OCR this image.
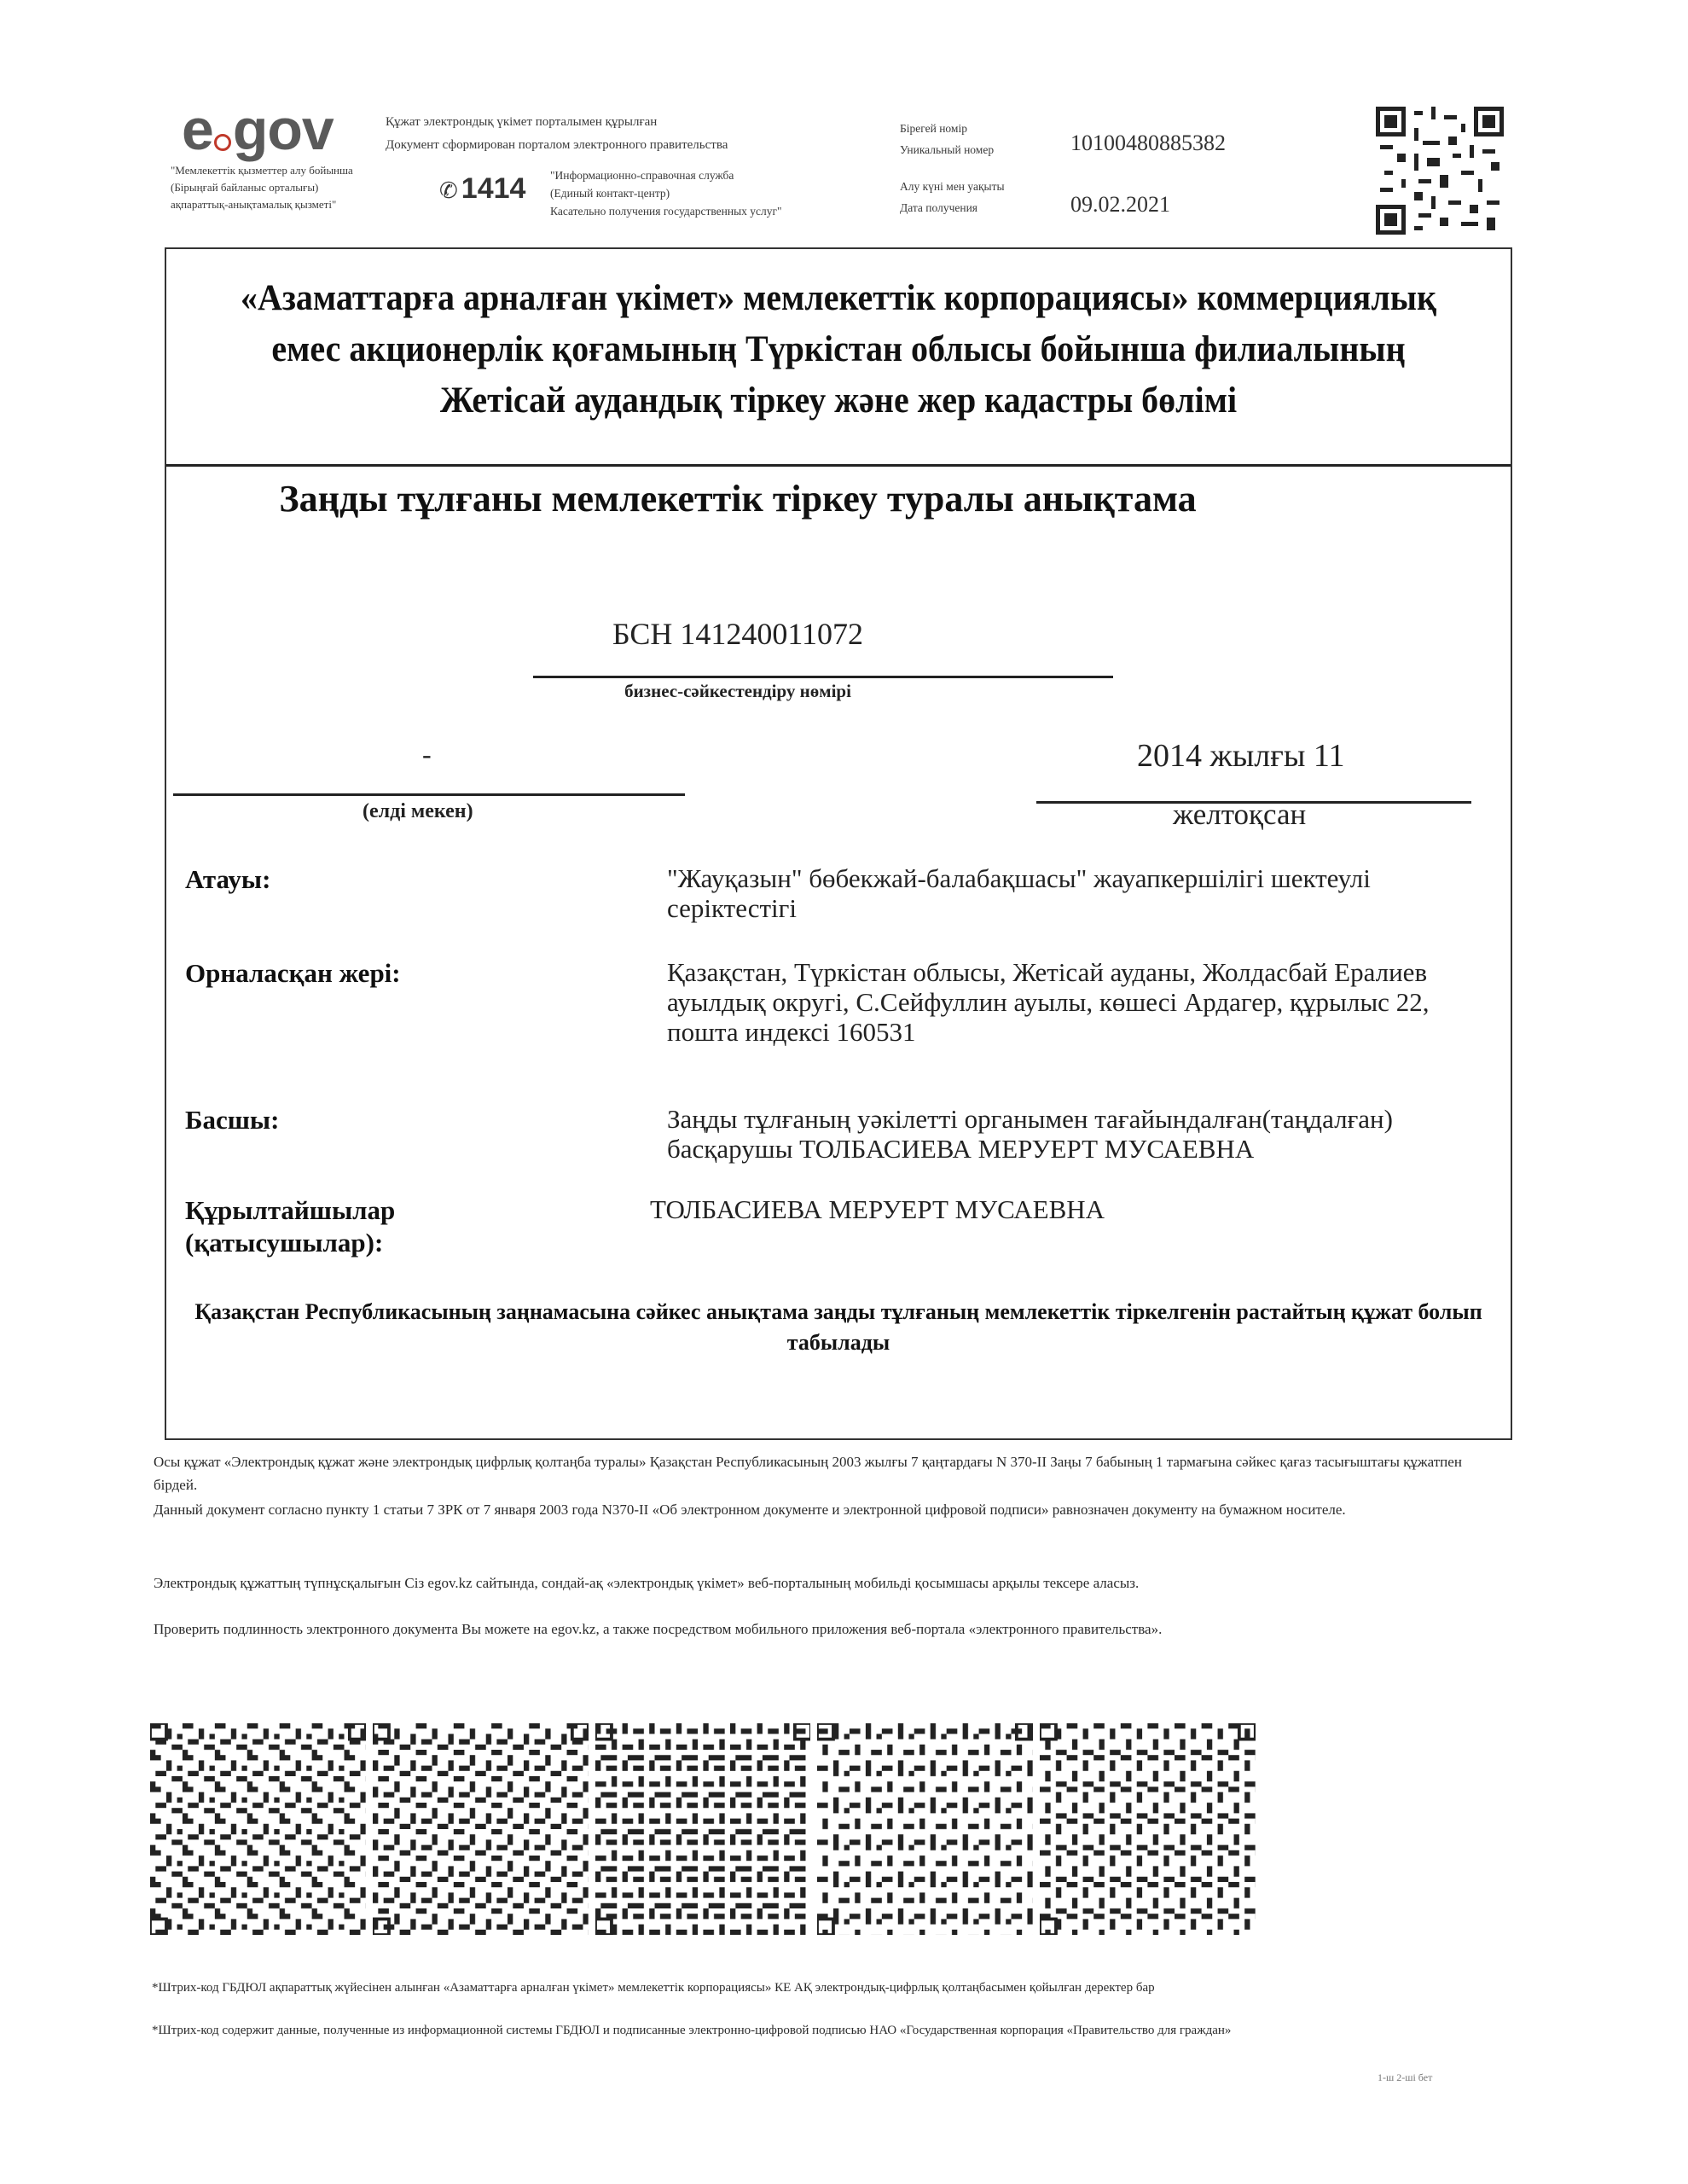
e gov	Құжат электрондық үкімет порталымен құрылған
Документ сформирован порталом электронного правительства
"Мемлекеттік қызметтер алу бойынша
(Бірыңғай байланыс орталығы)
ақпараттық-анықтамалық қызметі"
✆ 1414 "Информационно-справочная служба
(Единый контакт-центр)
Касательно получения государственных услуг"
Бірегей номір
Уникальный номер
Алу күні мен уақыты
Дата получения
10100480885382
09.02.2021
«Азаматтарға арналған үкімет» мемлекеттік корпорациясы» коммерциялық емес акционерлік қоғамының Түркістан облысы бойынша филиалының Жетісай аудандық тіркеу және жер кадастры бөлімі
Заңды тұлғаны мемлекеттік тіркеу туралы анықтама
БСН 141240011072
бизнес-сәйкестендіру нөмірі
-
(елді мекен)
2014 жылғы 11
желтоқсан
Атауы:	"Жауқазын" бөбекжай-балабақшасы" жауапкершілігі шектеулі серіктестігі
Орналасқан жері:	Қазақстан, Түркістан облысы, Жетісай ауданы, Жолдасбай Ералиев ауылдық округі, С.Сейфуллин ауылы, көшесі Ардагер, құрылыс 22, пошта индексі 160531
Басшы:	Заңды тұлғаның уәкілетті органымен тағайындалған(таңдалған) басқарушы ТОЛБАСИЕВА МЕРУЕРТ МУСАЕВНА
Құрылтайшылар (қатысушылар):
ТОЛБАСИЕВА МЕРУЕРТ МУСАЕВНА
Қазақстан Республикасының заңнамасына сәйкес анықтама заңды тұлғаның мемлекеттік тіркелгенін растайтың құжат болып табылады
Осы құжат «Электрондық құжат және электрондық цифрлық қолтаңба туралы» Қазақстан Республикасының 2003 жылғы 7 қаңтардағы N 370-II Заңы 7 бабының 1 тармағына сәйкес қағаз тасығыштағы құжатпен бірдей.
Данный документ согласно пункту 1 статьи 7 ЗРК от 7 января 2003 года N370-II «Об электронном документе и электронной цифровой подписи» равнозначен документу на бумажном носителе.
Электрондық құжаттың түпнұсқалығын Сіз egov.kz сайтында, сондай-ақ «электрондық үкімет» веб-порталының мобильді қосымшасы арқылы тексере аласыз.
Проверить подлинность электронного документа Вы можете на egov.kz, а также посредством мобильного приложения веб-портала «электронного правительства».
*Штрих-код ГБДЮЛ ақпараттық жүйесінен алынған «Азаматтарға арналған үкімет» мемлекеттік корпорациясы» КЕ АҚ электрондық-цифрлық қолтаңбасымен қойылған деректер бар
*Штрих-код содержит данные, полученные из информационной системы ГБДЮЛ и подписанные электронно-цифровой подписью НАО «Государственная корпорация «Правительство для граждан»
1-ш 2-ші бет
